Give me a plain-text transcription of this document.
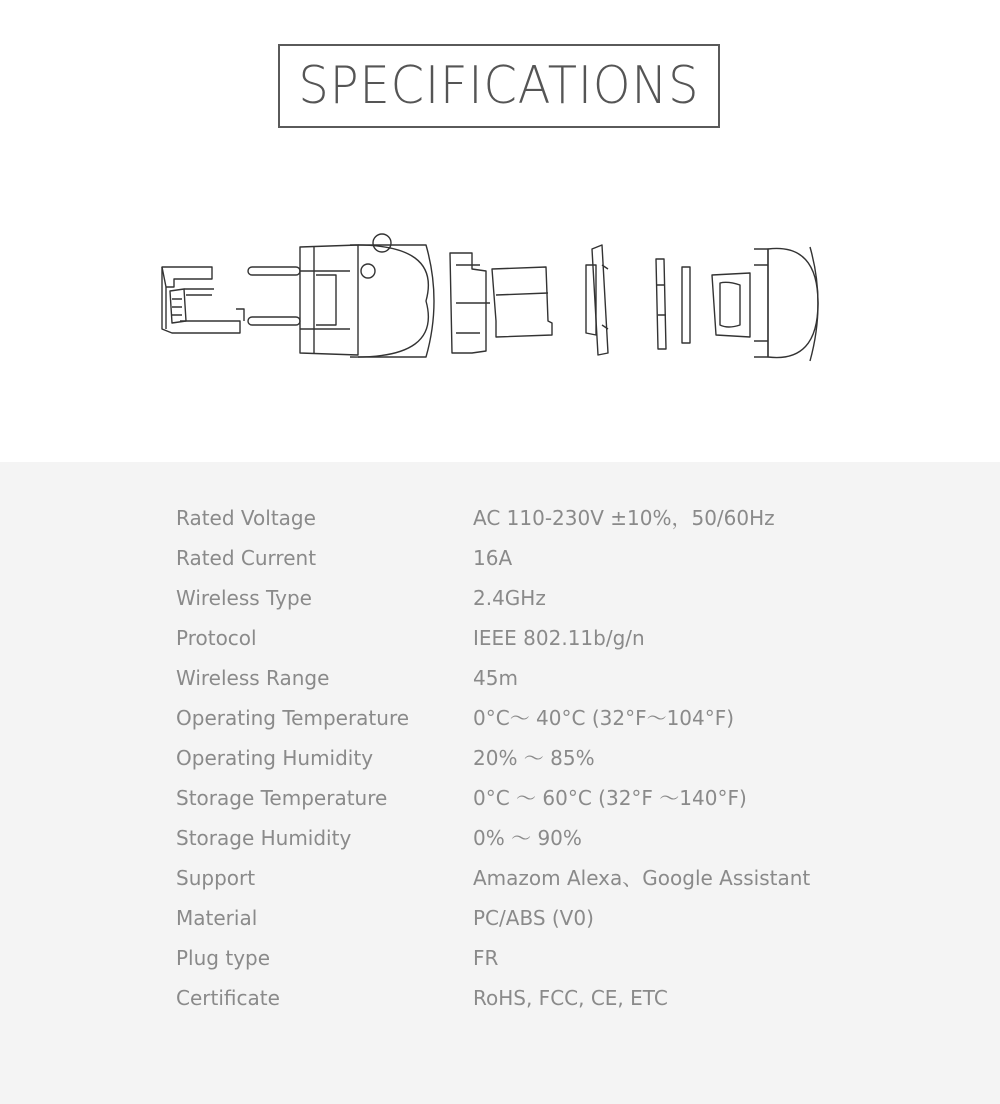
SPECIFICATIONS
Rated Voltage	AC 110-230V ±10%，50/60Hz
Rated Current	16A
Wireless Type	2.4GHz
Protocol	IEEE 802.11b/g/n
Wireless Range	45m
Operating Temperature	0°C～ 40°C (32°F～104°F)
Operating Humidity	20% ～ 85%
Storage Temperature	0°C ～ 60°C (32°F ～140°F)
Storage Humidity	0% ～ 90%
Support	Amazom Alexa、Google Assistant
Material	PC/ABS (V0)
Plug type	FR
Certificate	RoHS, FCC, CE, ETC
